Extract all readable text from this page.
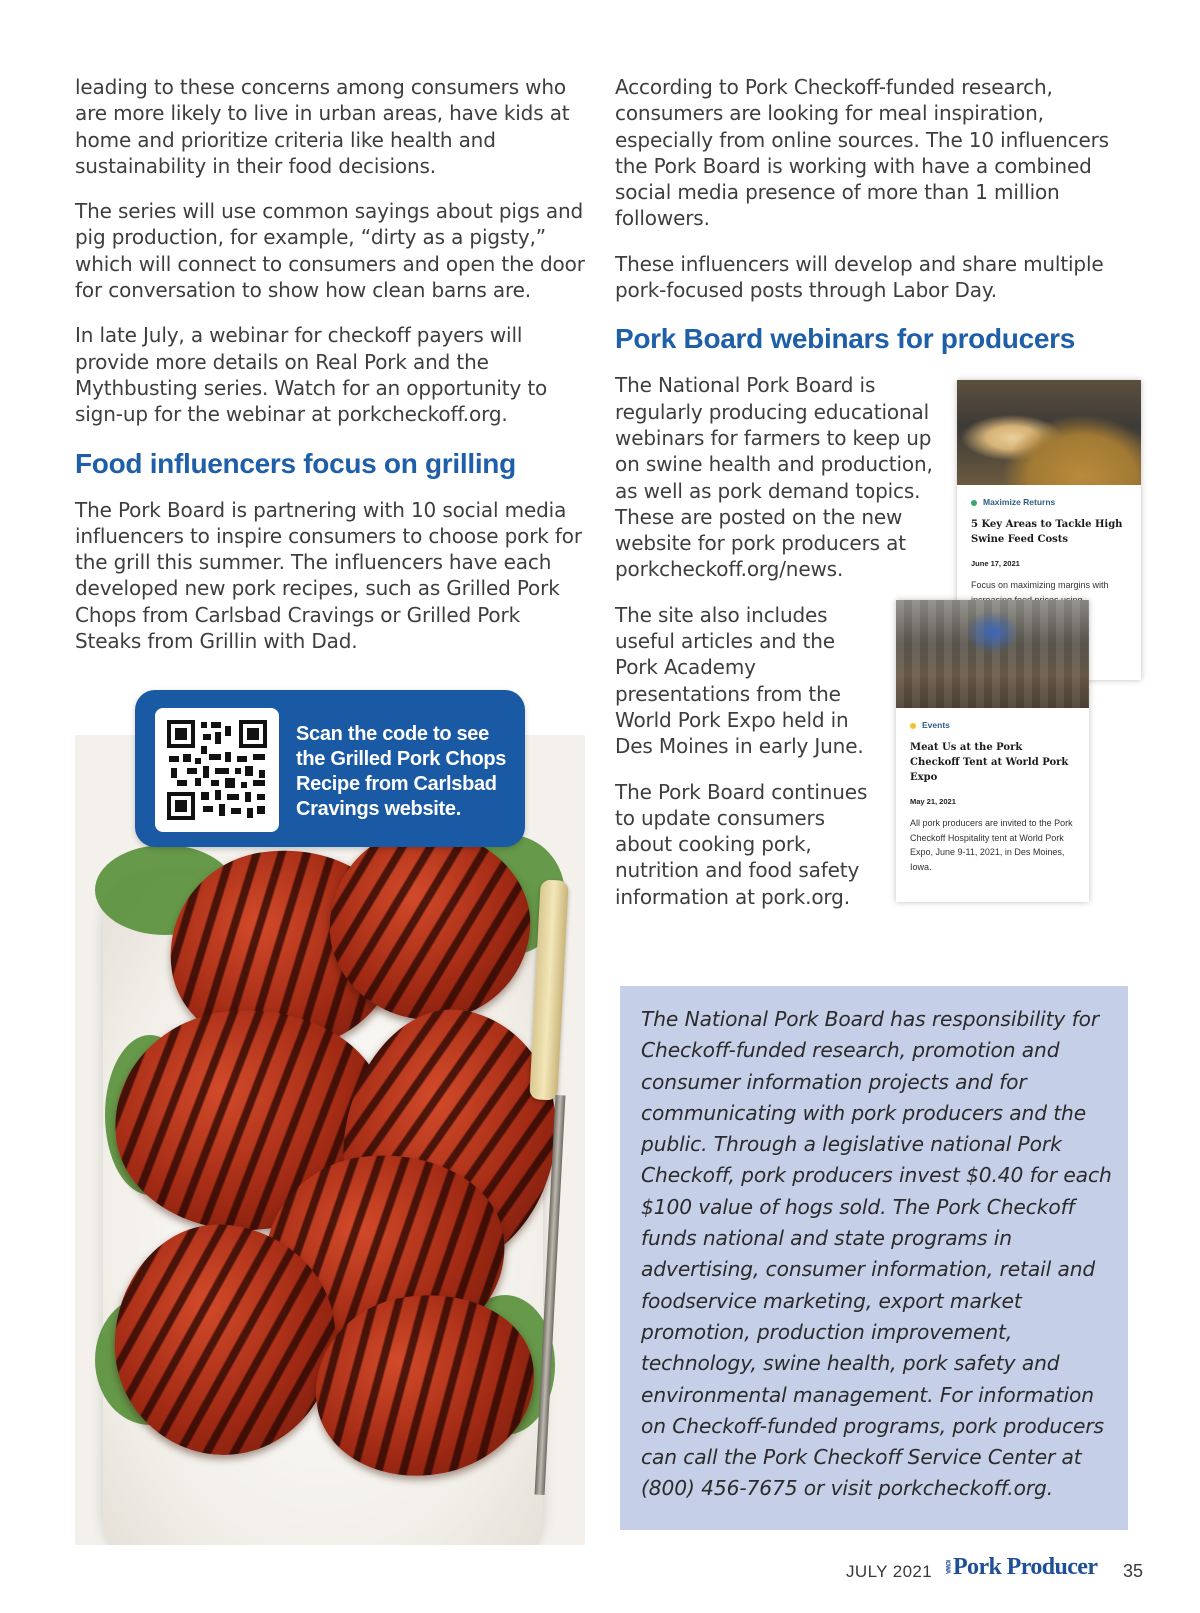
leading to these concerns among consumers who are more likely to live in urban areas, have kids at home and prioritize criteria like health and sustainability in their food decisions.

The series will use common sayings about pigs and pig production, for example, “dirty as a pigsty,” which will connect to consumers and open the door for conversation to show how clean barns are.

In late July, a webinar for checkoff payers will provide more details on Real Pork and the Mythbusting series. Watch for an opportunity to sign-up for the webinar at porkcheckoff.org.

Food influencers focus on grilling

The Pork Board is partnering with 10 social media influencers to inspire consumers to choose pork for the grill this summer. The influencers have each developed new pork recipes, such as Grilled Pork Chops from Carlsbad Cravings or Grilled Pork Steaks from Grillin with Dad.

Scan the code to see the Grilled Pork Chops Recipe from Carlsbad Cravings website.

According to Pork Checkoff-funded research, consumers are looking for meal inspiration, especially from online sources. The 10 influencers the Pork Board is working with have a combined social media presence of more than 1 million followers.

These influencers will develop and share multiple pork-focused posts through Labor Day.

Pork Board webinars for producers

The National Pork Board is regularly producing educational webinars for farmers to keep up on swine health and production, as well as pork demand topics. These are posted on the new website for pork producers at porkcheckoff.org/news.

The site also includes useful articles and the Pork Academy presentations from the World Pork Expo held in Des Moines in early June.

The Pork Board continues to update consumers about cooking pork, nutrition and food safety information at pork.org.

Maximize Returns
5 Key Areas to Tackle High Swine Feed Costs
June 17, 2021
Focus on maximizing margins with
Events
Meat Us at the Pork Checkoff Tent at World Pork Expo
May 21, 2021
All pork producers are invited to the Pork Checkoff Hospitality tent at World Pork Expo, June 9-11, 2021, in Des Moines, Iowa.

The National Pork Board has responsibility for Checkoff-funded research, promotion and consumer information projects and for communicating with pork producers and the public. Through a legislative national Pork Checkoff, pork producers invest $0.40 for each $100 value of hogs sold. The Pork Checkoff funds national and state programs in advertising, consumer information, retail and foodservice marketing, export market promotion, production improvement, technology, swine health, pork safety and environmental management. For information on Checkoff-funded programs, pork producers can call the Pork Checkoff Service Center at (800) 456-7675 or visit porkcheckoff.org.

JULY 2021 IOWA Pork Producer 35
